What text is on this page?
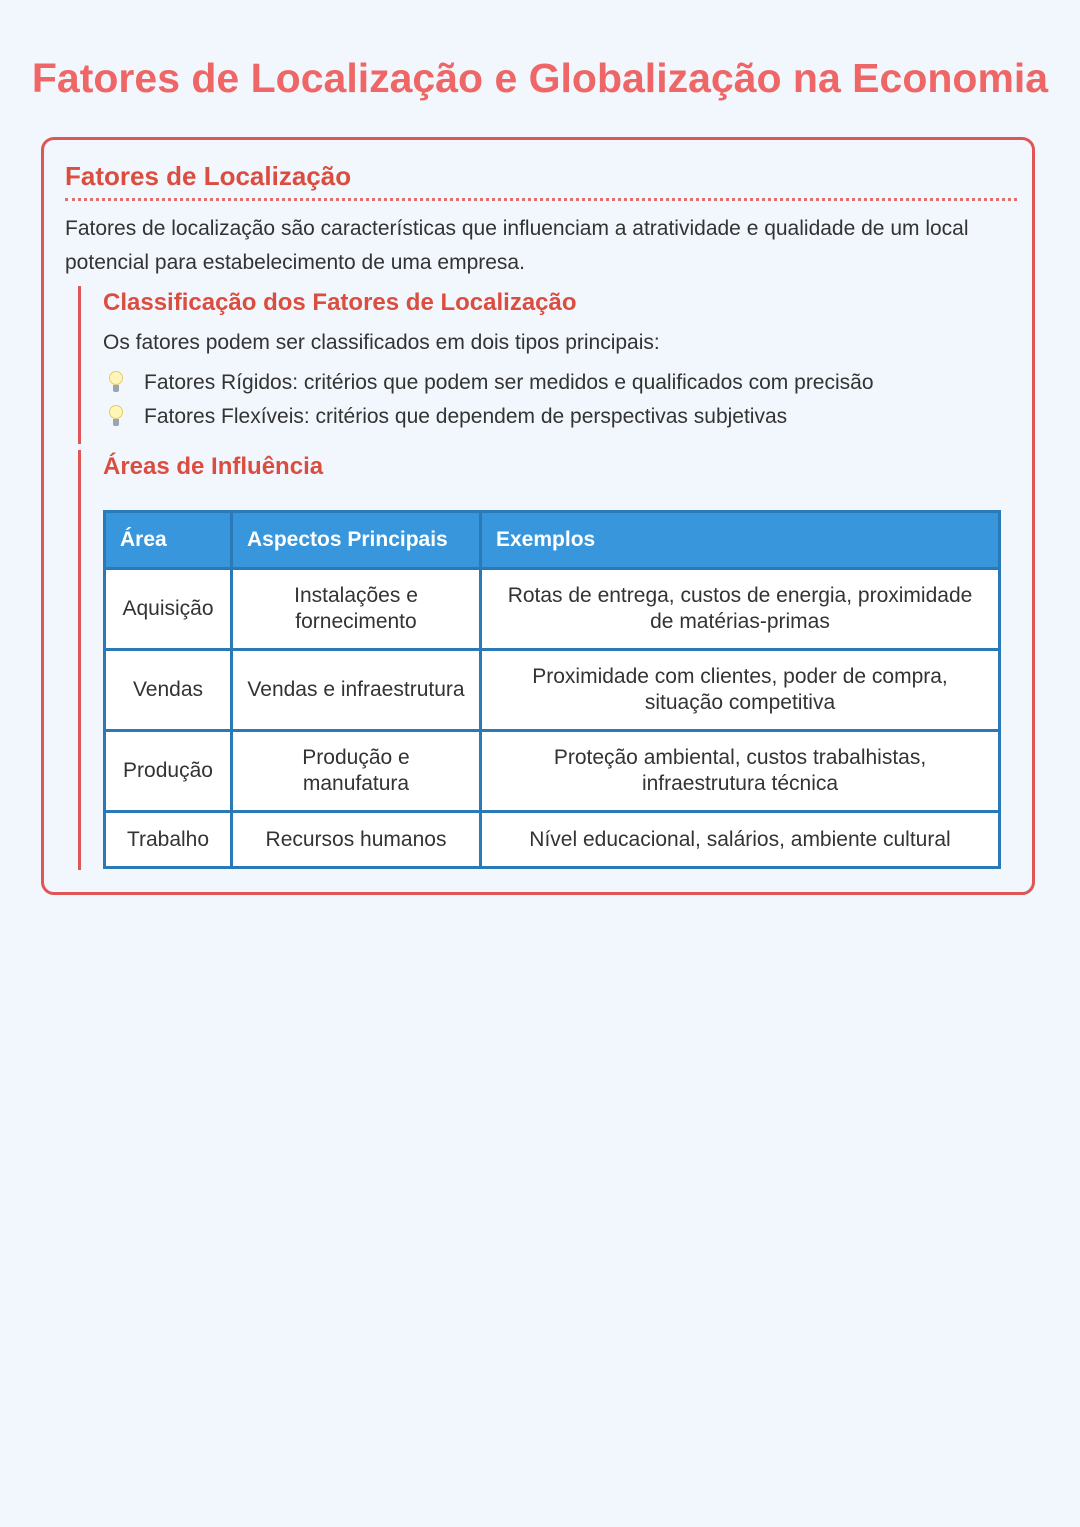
Fatores de Localização e Globalização na Economia
Fatores de Localização

Fatores de localização são características que influenciam a atratividade e qualidade de um local potencial para estabelecimento de uma empresa.

Classificação dos Fatores de Localização

Os fatores podem ser classificados em dois tipos principais:

Fatores Rígidos: critérios que podem ser medidos e qualificados com precisão
Fatores Flexíveis: critérios que dependem de perspectivas subjetivas
Áreas de Influência
Área	Aspectos Principais	Exemplos
Aquisição	Instalações e fornecimento	Rotas de entrega, custos de energia, proximidade de matérias-primas
Vendas	Vendas e infraestrutura	Proximidade com clientes, poder de compra, situação competitiva
Produção	Produção e manufatura	Proteção ambiental, custos trabalhistas, infraestrutura técnica
Trabalho	Recursos humanos	Nível educacional, salários, ambiente cultural
